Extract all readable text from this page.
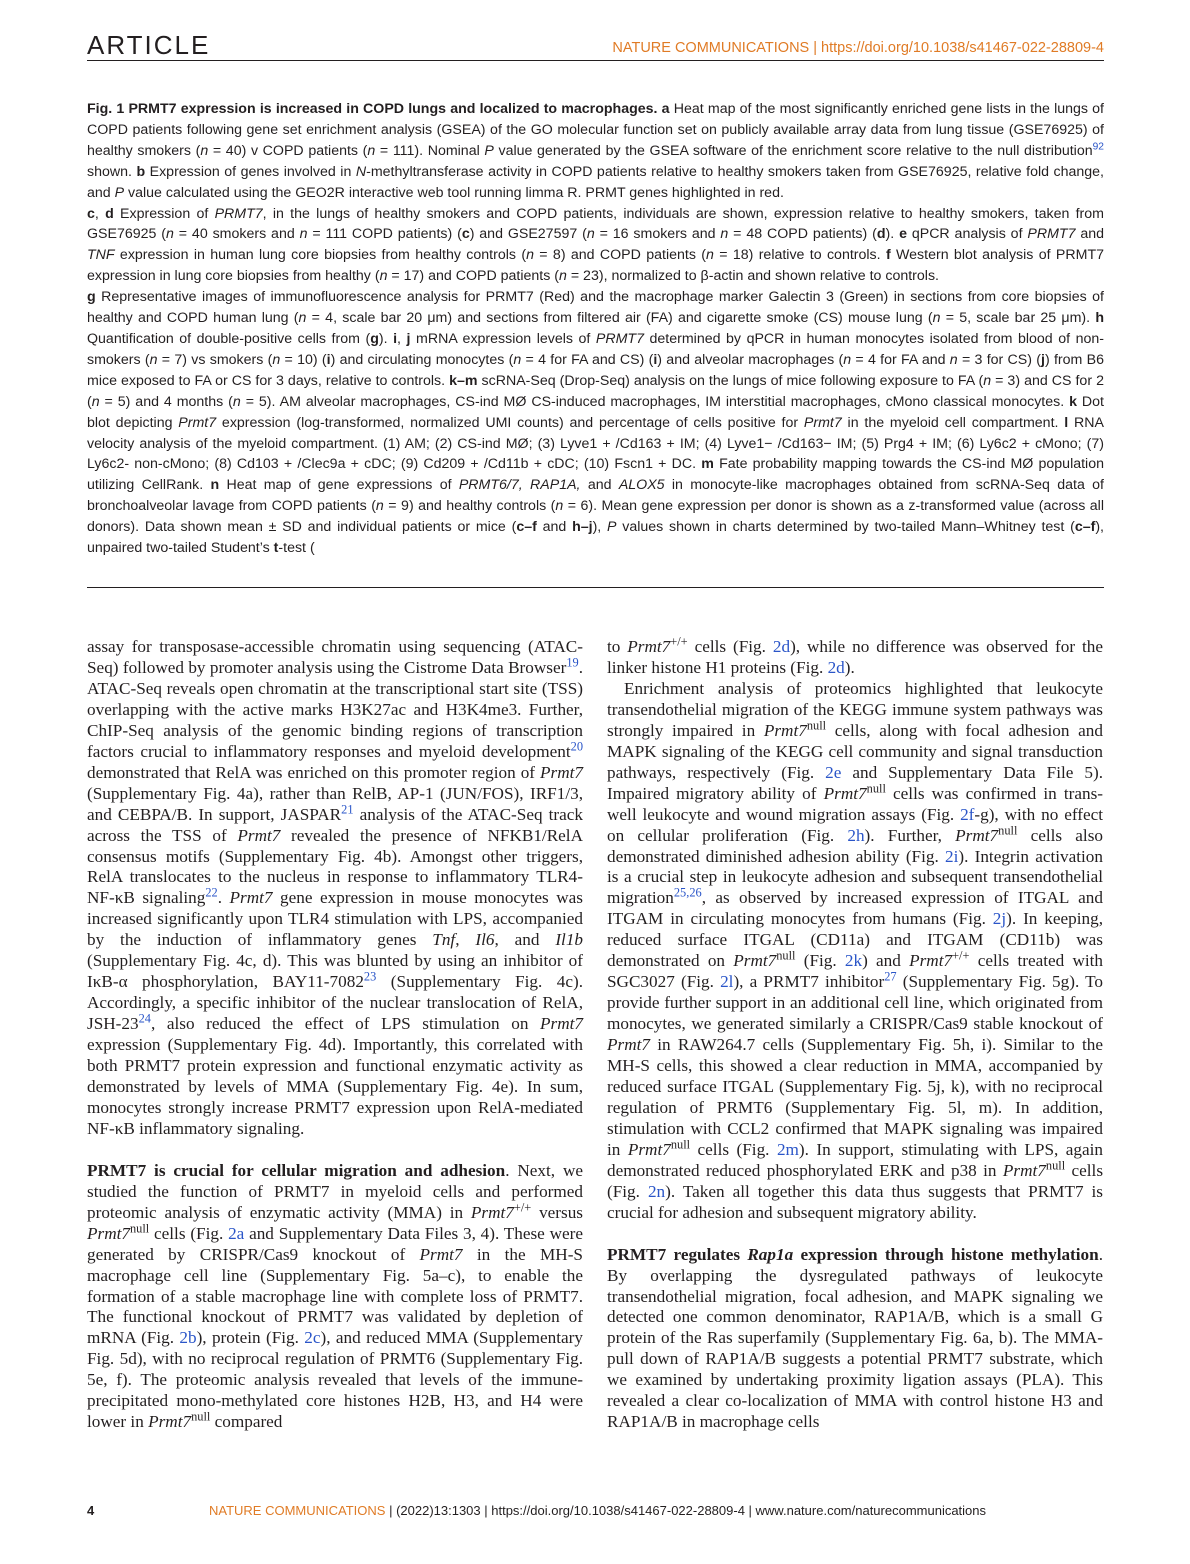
ARTICLE	NATURE COMMUNICATIONS | https://doi.org/10.1038/s41467-022-28809-4
Fig. 1 PRMT7 expression is increased in COPD lungs and localized to macrophages. a Heat map of the most significantly enriched gene lists in the lungs of COPD patients following gene set enrichment analysis (GSEA) of the GO molecular function set on publicly available array data from lung tissue (GSE76925) of healthy smokers (n = 40) v COPD patients (n = 111). Nominal P value generated by the GSEA software of the enrichment score relative to the null distribution$^{92}$ shown. b Expression of genes involved in N-methyltransferase activity in COPD patients relative to healthy smokers taken from GSE76925, relative fold change, and P value calculated using the GEO2R interactive web tool running limma R. PRMT genes highlighted in red.
c, d Expression of PRMT7, in the lungs of healthy smokers and COPD patients, individuals are shown, expression relative to healthy smokers, taken from GSE76925 (n = 40 smokers and n = 111 COPD patients) (c) and GSE27597 (n = 16 smokers and n = 48 COPD patients) (d). e qPCR analysis of PRMT7 and TNF expression in human lung core biopsies from healthy controls (n = 8) and COPD patients (n = 18) relative to controls. f Western blot analysis of PRMT7 expression in lung core biopsies from healthy (n = 17) and COPD patients (n = 23), normalized to β-actin and shown relative to controls.
g Representative images of immunofluorescence analysis for PRMT7 (Red) and the macrophage marker Galectin 3 (Green) in sections from core biopsies of healthy and COPD human lung (n = 4, scale bar 20 μm) and sections from filtered air (FA) and cigarette smoke (CS) mouse lung (n = 5, scale bar 25 μm). h Quantification of double-positive cells from (g). i, j mRNA expression levels of PRMT7 determined by qPCR in human monocytes isolated from blood of non-smokers (n = 7) vs smokers (n = 10) (i) and circulating monocytes (n = 4 for FA and CS) (i) and alveolar macrophages (n = 4 for FA and n = 3 for CS) (j) from B6 mice exposed to FA or CS for 3 days, relative to controls. k–m scRNA-Seq (Drop-Seq) analysis on the lungs of mice following exposure to FA (n = 3) and CS for 2 (n = 5) and 4 months (n = 5). AM alveolar macrophages, CS-ind MØ CS-induced macrophages, IM interstitial macrophages, cMono classical monocytes. k Dot blot depicting Prmt7 expression (log-transformed, normalized UMI counts) and percentage of cells positive for Prmt7 in the myeloid cell compartment. l RNA velocity analysis of the myeloid compartment. (1) AM; (2) CS-ind MØ; (3) Lyve1 + /Cd163 + IM; (4) Lyve1− /Cd163− IM; (5) Prg4 + IM; (6) Ly6c2 + cMono; (7) Ly6c2- non-cMono; (8) Cd103 + /Clec9a + cDC; (9) Cd209 + /Cd11b + cDC; (10) Fscn1 + DC. m Fate probability mapping towards the CS-ind MØ population utilizing CellRank. n Heat map of gene expressions of PRMT6/7, RAP1A, and ALOX5 in monocyte-like macrophages obtained from scRNA-Seq data of bronchoalveolar lavage from COPD patients (n = 9) and healthy controls (n = 6). Mean gene expression per donor is shown as a z-transformed value (across all donors). Data shown mean ± SD and individual patients or mice (c–f and h–j), P values shown in charts determined by two-tailed Mann–Whitney test (c–f), unpaired two-tailed Student’s t-test (

assay for transposase-accessible chromatin using sequencing (ATAC-Seq) followed by promoter analysis using the Cistrome Data Browser$^{19}$. ATAC-Seq reveals open chromatin at the transcriptional start site (TSS) overlapping with the active marks H3K27ac and H3K4me3. Further, ChIP-Seq analysis of the genomic binding regions of transcription factors crucial to inflammatory responses and myeloid development$^{20}$ demonstrated that RelA was enriched on this promoter region of Prmt7 (Supplementary Fig. 4a), rather than RelB, AP-1 (JUN/FOS), IRF1/3, and CEBPA/B. In support, JASPAR$^{21}$ analysis of the ATAC-Seq track across the TSS of Prmt7 revealed the presence of NFKB1/RelA consensus motifs (Supplementary Fig. 4b). Amongst other triggers, RelA translocates to the nucleus in response to inflammatory TLR4-NF-κB signaling$^{22}$. Prmt7 gene expression in mouse monocytes was increased significantly upon TLR4 stimulation with LPS, accompanied by the induction of inflammatory genes Tnf, Il6, and Il1b (Supplementary Fig. 4c, d). This was blunted by using an inhibitor of IκB-α phosphorylation, BAY11-7082$^{23}$ (Supplementary Fig. 4c). Accordingly, a specific inhibitor of the nuclear translocation of RelA, JSH-23$^{24}$, also reduced the effect of LPS stimulation on Prmt7 expression (Supplementary Fig. 4d). Importantly, this correlated with both PRMT7 protein expression and functional enzymatic activity as demonstrated by levels of MMA (Supplementary Fig. 4e). In sum, monocytes strongly increase PRMT7 expression upon RelA-mediated NF-κB inflammatory signaling.

PRMT7 is crucial for cellular migration and adhesion. Next, we studied the function of PRMT7 in myeloid cells and performed proteomic analysis of enzymatic activity (MMA) in Prmt7+/+ versus $Prmt7^{null}$ cells (Fig. 2a and Supplementary Data Files 3, 4). These were generated by CRISPR/Cas9 knockout of Prmt7 in the MH-S macrophage cell line (Supplementary Fig. 5a–c), to enable the formation of a stable macrophage line with complete loss of PRMT7. The functional knockout of PRMT7 was validated by depletion of mRNA (Fig. 2b), protein (Fig. 2c), and reduced MMA (Supplementary Fig. 5d), with no reciprocal regulation of PRMT6 (Supplementary Fig. 5e, f). The proteomic analysis revealed that levels of the immune-precipitated mono-methylated core histones H2B, H3, and H4 were lower in $Prmt7^{null}$ compared

to Prmt7+/+ cells (Fig. 2d), while no difference was observed for the linker histone H1 proteins (Fig. 2d).

Enrichment analysis of proteomics highlighted that leukocyte transendothelial migration of the KEGG immune system pathways was strongly impaired in $Prmt7^{null}$ cells, along with focal adhesion and MAPK signaling of the KEGG cell community and signal transduction pathways, respectively (Fig. 2e and Supplementary Data File 5). Impaired migratory ability of $Prmt7^{null}$ cells was confirmed in trans-well leukocyte and wound migration assays (Fig. 2f-g), with no effect on cellular proliferation (Fig. 2h). Further, $Prmt7^{null}$ cells also demonstrated diminished adhesion ability (Fig. 2i). Integrin activation is a crucial step in leukocyte adhesion and subsequent transendothelial migration$^{25,26}$, as observed by increased expression of ITGAL and ITGAM in circulating monocytes from humans (Fig. 2j). In keeping, reduced surface ITGAL (CD11a) and ITGAM (CD11b) was demonstrated on $Prmt7^{null}$ (Fig. 2k) and Prmt7+/+ cells treated with SGC3027 (Fig. 2l), a PRMT7 inhibitor$^{27}$ (Supplementary Fig. 5g). To provide further support in an additional cell line, which originated from monocytes, we generated similarly a CRISPR/Cas9 stable knockout of Prmt7 in RAW264.7 cells (Supplementary Fig. 5h, i). Similar to the MH-S cells, this showed a clear reduction in MMA, accompanied by reduced surface ITGAL (Supplementary Fig. 5j, k), with no reciprocal regulation of PRMT6 (Supplementary Fig. 5l, m). In addition, stimulation with CCL2 confirmed that MAPK signaling was impaired in $Prmt7^{null}$ cells (Fig. 2m). In support, stimulating with LPS, again demonstrated reduced phosphorylated ERK and p38 in $Prmt7^{null}$ cells (Fig. 2n). Taken all together this data thus suggests that PRMT7 is crucial for adhesion and subsequent migratory ability.

PRMT7 regulates Rap1a expression through histone methylation. By overlapping the dysregulated pathways of leukocyte transendothelial migration, focal adhesion, and MAPK signaling we detected one common denominator, RAP1A/B, which is a small G protein of the Ras superfamily (Supplementary Fig. 6a, b). The MMA-pull down of RAP1A/B suggests a potential PRMT7 substrate, which we examined by undertaking proximity ligation assays (PLA). This revealed a clear co-localization of MMA with control histone H3 and RAP1A/B in macrophage cells

4	NATURE COMMUNICATIONS | (2022)13:1303 | https://doi.org/10.1038/s41467-022-28809-4 | www.nature.com/naturecommunications
